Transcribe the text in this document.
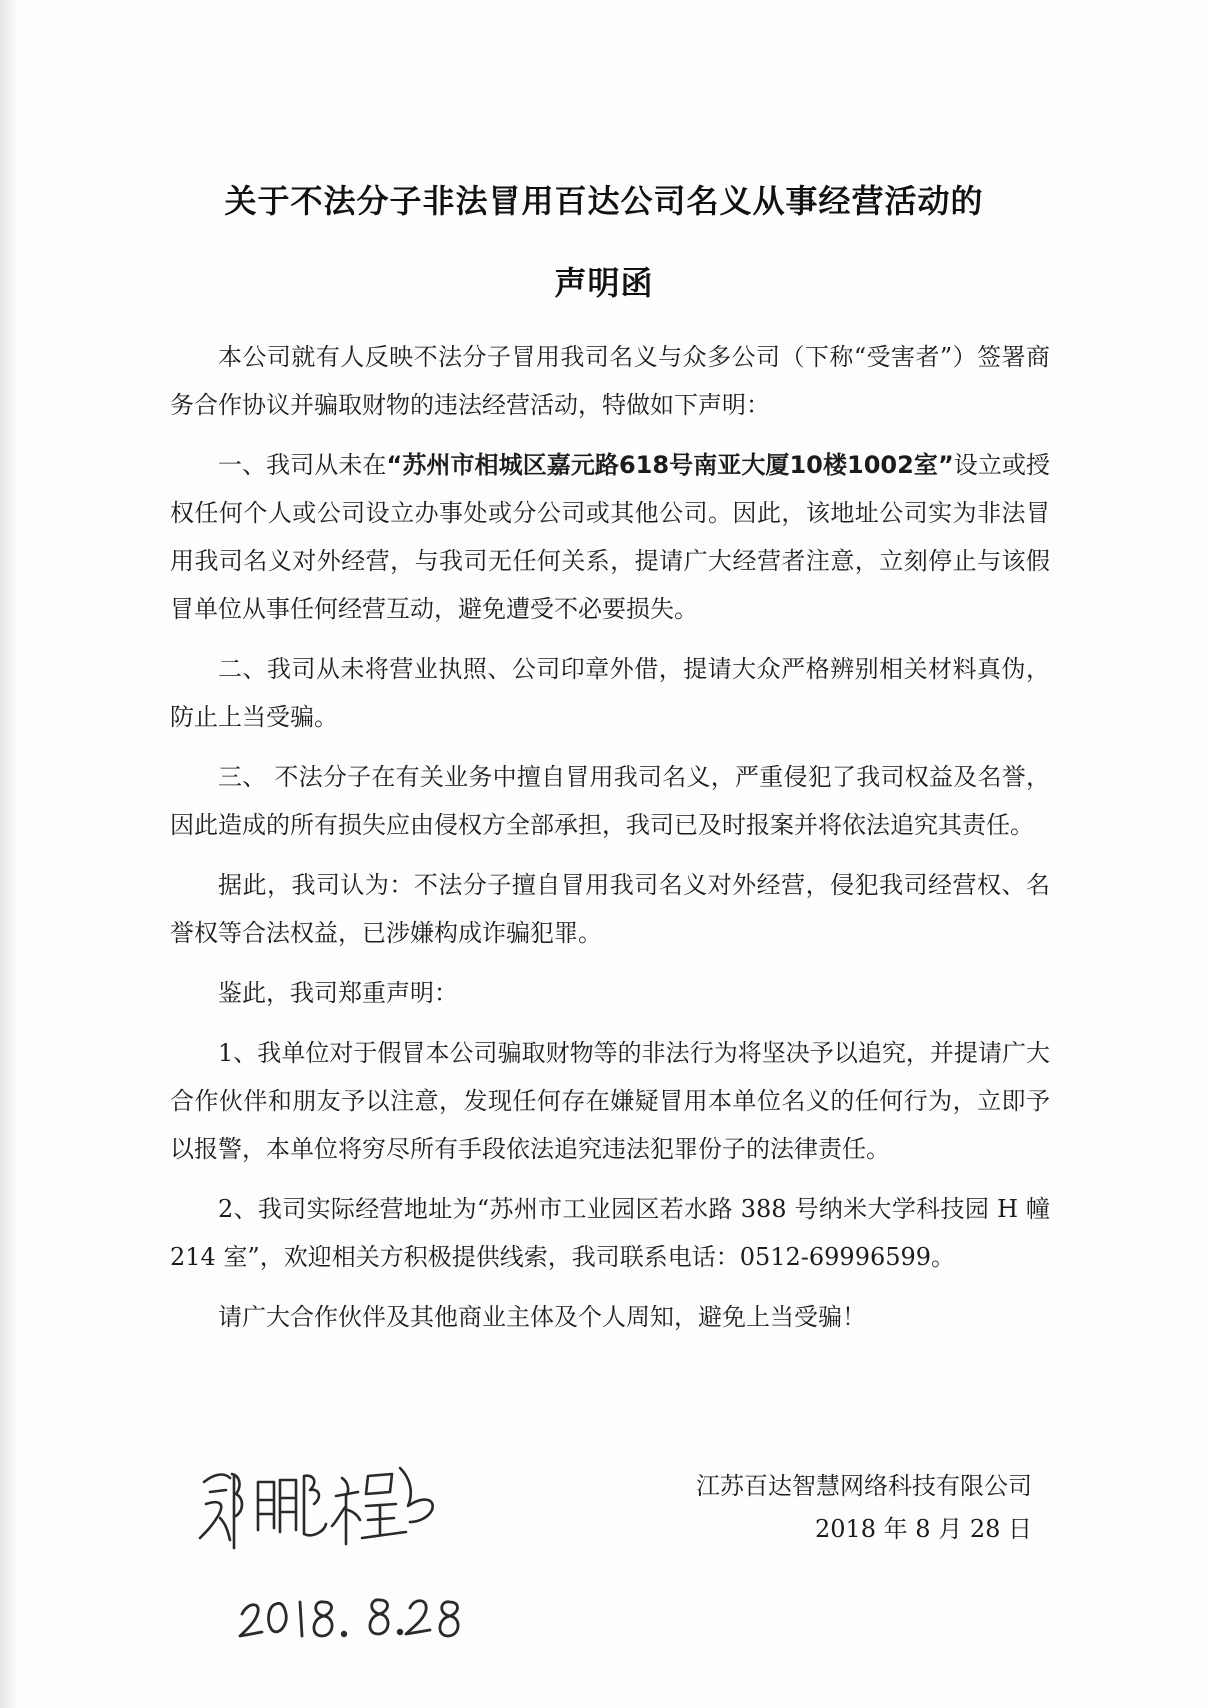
关于不法分子非法冒用百达公司名义从事经营活动的
声明函

本公司就有人反映不法分子冒用我司名义与众多公司（下称“受害者”）签署商务合作协议并骗取财物的违法经营活动，特做如下声明：

一、我司从未在“苏州市相城区嘉元路618号南亚大厦10楼1002室”设立或授权任何个人或公司设立办事处或分公司或其他公司。因此，该地址公司实为非法冒用我司名义对外经营，与我司无任何关系，提请广大经营者注意，立刻停止与该假冒单位从事任何经营互动，避免遭受不必要损失。

二、我司从未将营业执照、公司印章外借，提请大众严格辨别相关材料真伪，防止上当受骗。

三、 不法分子在有关业务中擅自冒用我司名义，严重侵犯了我司权益及名誉，因此造成的所有损失应由侵权方全部承担，我司已及时报案并将依法追究其责任。

据此，我司认为：不法分子擅自冒用我司名义对外经营，侵犯我司经营权、名誉权等合法权益，已涉嫌构成诈骗犯罪。

鉴此，我司郑重声明：

1、我单位对于假冒本公司骗取财物等的非法行为将坚决予以追究，并提请广大合作伙伴和朋友予以注意，发现任何存在嫌疑冒用本单位名义的任何行为，立即予以报警，本单位将穷尽所有手段依法追究违法犯罪份子的法律责任。

2、我司实际经营地址为“苏州市工业园区若水路 388 号纳米大学科技园 H 幢 214 室”，欢迎相关方积极提供线索，我司联系电话：0512-69996599。

请广大合作伙伴及其他商业主体及个人周知，避免上当受骗！

江苏百达智慧网络科技有限公司
2018 年 8 月 28 日
